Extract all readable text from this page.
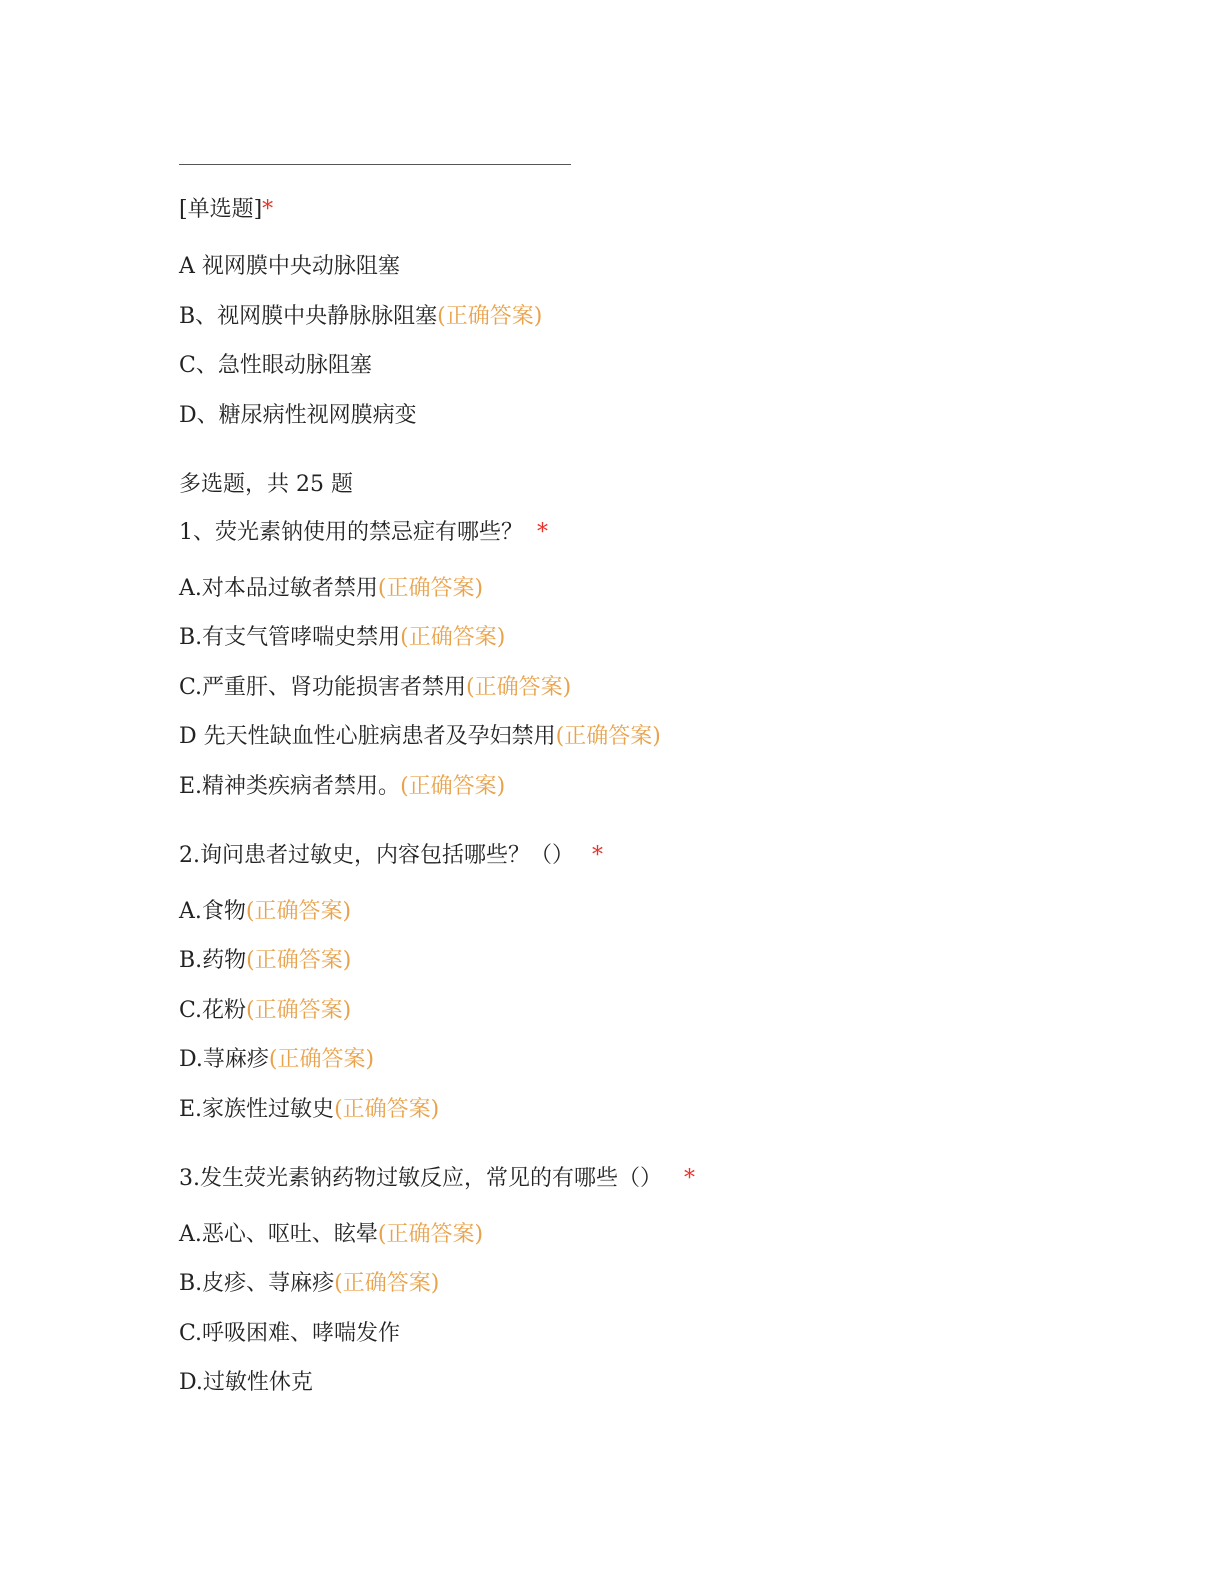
[单选题]*
A 视网膜中央动脉阻塞
B、视网膜中央静脉脉阻塞(正确答案)
C、急性眼动脉阻塞
D、糖尿病性视网膜病变
多选题，共 25 题
1、荧光素钠使用的禁忌症有哪些？ *
A.对本品过敏者禁用(正确答案)
B.有支气管哮喘史禁用(正确答案)
C.严重肝、肾功能损害者禁用(正确答案)
D 先天性缺血性心脏病患者及孕妇禁用(正确答案)
E.精神类疾病者禁用。(正确答案)
2.询问患者过敏史，内容包括哪些？（） *
A.食物(正确答案)
B.药物(正确答案)
C.花粉(正确答案)
D.荨麻疹(正确答案)
E.家族性过敏史(正确答案)
3.发生荧光素钠药物过敏反应，常见的有哪些（） *
A.恶心、呕吐、眩晕(正确答案)
B.皮疹、荨麻疹(正确答案)
C.呼吸困难、哮喘发作
D.过敏性休克
